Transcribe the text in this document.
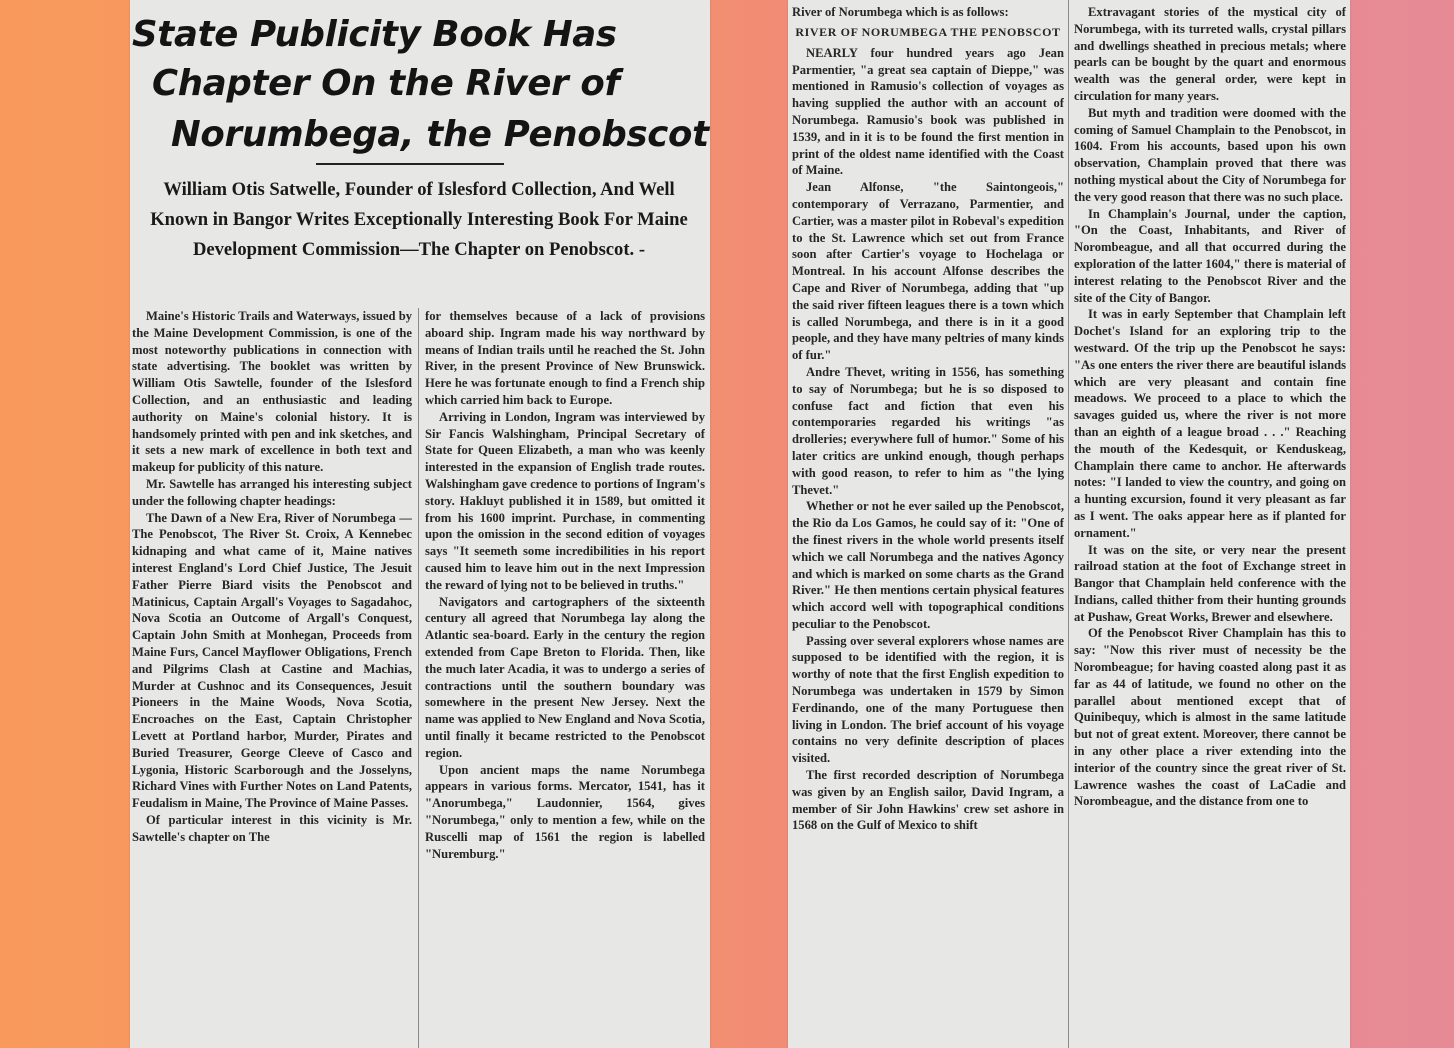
State Publicity Book Has
Chapter On the River of
Norumbega, the Penobscot
William Otis Satwelle, Founder of Islesford Collection, And Well Known in Bangor Writes Exceptionally Interesting Book For Maine Development Commission—The Chapter on Penobscot. -

Maine's Historic Trails and Waterways, issued by the Maine Development Commission, is one of the most noteworthy publications in connection with state advertising. The booklet was written by William Otis Sawtelle, founder of the Islesford Collection, and an enthusiastic and leading authority on Maine's colonial history. It is handsomely printed with pen and ink sketches, and it sets a new mark of excellence in both text and makeup for publicity of this nature.

Mr. Sawtelle has arranged his interesting subject under the following chapter headings:

The Dawn of a New Era, River of Norumbega — The Penobscot, The River St. Croix, A Kennebec kidnaping and what came of it, Maine natives interest England's Lord Chief Justice, The Jesuit Father Pierre Biard visits the Penobscot and Matinicus, Captain Argall's Voyages to Sagadahoc, Nova Scotia an Outcome of Argall's Conquest, Captain John Smith at Monhegan, Proceeds from Maine Furs, Cancel Mayflower Obligations, French and Pilgrims Clash at Castine and Machias, Murder at Cushnoc and its Consequences, Jesuit Pioneers in the Maine Woods, Nova Scotia, Encroaches on the East, Captain Christopher Levett at Portland harbor, Murder, Pirates and Buried Treasurer, George Cleeve of Casco and Lygonia, Historic Scarborough and the Josselyns, Richard Vines with Further Notes on Land Patents, Feudalism in Maine, The Province of Maine Passes.

Of particular interest in this vicinity is Mr. Sawtelle's chapter on The

for themselves because of a lack of provisions aboard ship. Ingram made his way northward by means of Indian trails until he reached the St. John River, in the present Province of New Brunswick. Here he was fortunate enough to find a French ship which carried him back to Europe.

Arriving in London, Ingram was interviewed by Sir Fancis Walshingham, Principal Secretary of State for Queen Elizabeth, a man who was keenly interested in the expansion of English trade routes. Walshingham gave credence to portions of Ingram's story. Hakluyt published it in 1589, but omitted it from his 1600 imprint. Purchase, in commenting upon the omission in the second edition of voyages says "It seemeth some incredibilities in his report caused him to leave him out in the next Impression the reward of lying not to be believed in truths."

Navigators and cartographers of the sixteenth century all agreed that Norumbega lay along the Atlantic sea-board. Early in the century the region extended from Cape Breton to Florida. Then, like the much later Acadia, it was to undergo a series of contractions until the southern boundary was somewhere in the present New Jersey. Next the name was applied to New England and Nova Scotia, until finally it became restricted to the Penobscot region.

Upon ancient maps the name Norumbega appears in various forms. Mercator, 1541, has it "Anorumbega," Laudonnier, 1564, gives "Norumbega," only to mention a few, while on the Ruscelli map of 1561 the region is labelled "Nuremburg."

River of Norumbega which is as follows:

RIVER OF NORUMBEGA THE PENOBSCOT

NEARLY four hundred years ago Jean Parmentier, "a great sea captain of Dieppe," was mentioned in Ramusio's collection of voyages as having supplied the author with an account of Norumbega. Ramusio's book was published in 1539, and in it is to be found the first mention in print of the oldest name identified with the Coast of Maine.

Jean Alfonse, "the Saintongeois," contemporary of Verrazano, Parmentier, and Cartier, was a master pilot in Robeval's expedition to the St. Lawrence which set out from France soon after Cartier's voyage to Hochelaga or Montreal. In his account Alfonse describes the Cape and River of Norumbega, adding that "up the said river fifteen leagues there is a town which is called Norumbega, and there is in it a good people, and they have many peltries of many kinds of fur."

Andre Thevet, writing in 1556, has something to say of Norumbega; but he is so disposed to confuse fact and fiction that even his contemporaries regarded his writings "as drolleries; everywhere full of humor." Some of his later critics are unkind enough, though perhaps with good reason, to refer to him as "the lying Thevet."

Whether or not he ever sailed up the Penobscot, the Rio da Los Gamos, he could say of it: "One of the finest rivers in the whole world presents itself which we call Norumbega and the natives Agoncy and which is marked on some charts as the Grand River." He then mentions certain physical features which accord well with topographical conditions peculiar to the Penobscot.

Passing over several explorers whose names are supposed to be identified with the region, it is worthy of note that the first English expedition to Norumbega was undertaken in 1579 by Simon Ferdinando, one of the many Portuguese then living in London. The brief account of his voyage contains no very definite description of places visited.

The first recorded description of Norumbega was given by an English sailor, David Ingram, a member of Sir John Hawkins' crew set ashore in 1568 on the Gulf of Mexico to shift

Extravagant stories of the mystical city of Norumbega, with its turreted walls, crystal pillars and dwellings sheathed in precious metals; where pearls can be bought by the quart and enormous wealth was the general order, were kept in circulation for many years.

But myth and tradition were doomed with the coming of Samuel Champlain to the Penobscot, in 1604. From his accounts, based upon his own observation, Champlain proved that there was nothing mystical about the City of Norumbega for the very good reason that there was no such place.

In Champlain's Journal, under the caption, "On the Coast, Inhabitants, and River of Norombeague, and all that occurred during the exploration of the latter 1604," there is material of interest relating to the Penobscot River and the site of the City of Bangor.

It was in early September that Champlain left Dochet's Island for an exploring trip to the westward. Of the trip up the Penobscot he says: "As one enters the river there are beautiful islands which are very pleasant and contain fine meadows. We proceed to a place to which the savages guided us, where the river is not more than an eighth of a league broad . . ." Reaching the mouth of the Kedesquit, or Kenduskeag, Champlain there came to anchor. He afterwards notes: "I landed to view the country, and going on a hunting excursion, found it very pleasant as far as I went. The oaks appear here as if planted for ornament."

It was on the site, or very near the present railroad station at the foot of Exchange street in Bangor that Champlain held conference with the Indians, called thither from their hunting grounds at Pushaw, Great Works, Brewer and elsewhere.

Of the Penobscot River Champlain has this to say: "Now this river must of necessity be the Norombeague; for having coasted along past it as far as 44 of latitude, we found no other on the parallel about mentioned except that of Quinibequy, which is almost in the same latitude but not of great extent. Moreover, there cannot be in any other place a river extending into the interior of the country since the great river of St. Lawrence washes the coast of LaCadie and Norombeague, and the distance from one to
